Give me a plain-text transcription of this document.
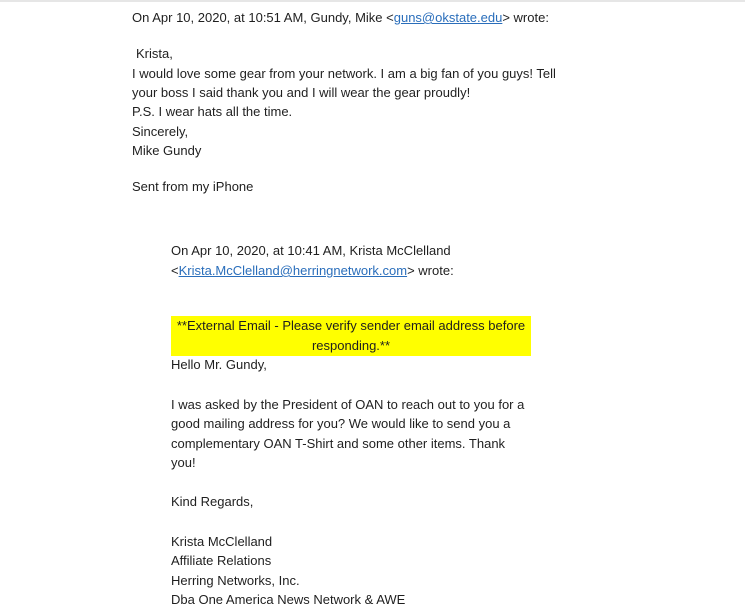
On Apr 10, 2020, at 10:51 AM, Gundy, Mike <guns@okstate.edu> wrote:
Krista,
I would love some gear from your network. I am a big fan of you guys! Tell
your boss I said thank you and I will wear the gear proudly!
P.S. I wear hats all the time.
Sincerely,
Mike Gundy
Sent from my iPhone
On Apr 10, 2020, at 10:41 AM, Krista McClelland
<Krista.McClelland@herringnetwork.com> wrote:
**External Email - Please verify sender email address before
responding.**
Hello Mr. Gundy,
I was asked by the President of OAN to reach out to you for a
good mailing address for you? We would like to send you a
complementary OAN T-Shirt and some other items. Thank
you!
Kind Regards,
Krista McClelland
Affiliate Relations
Herring Networks, Inc.
Dba One America News Network & AWE
